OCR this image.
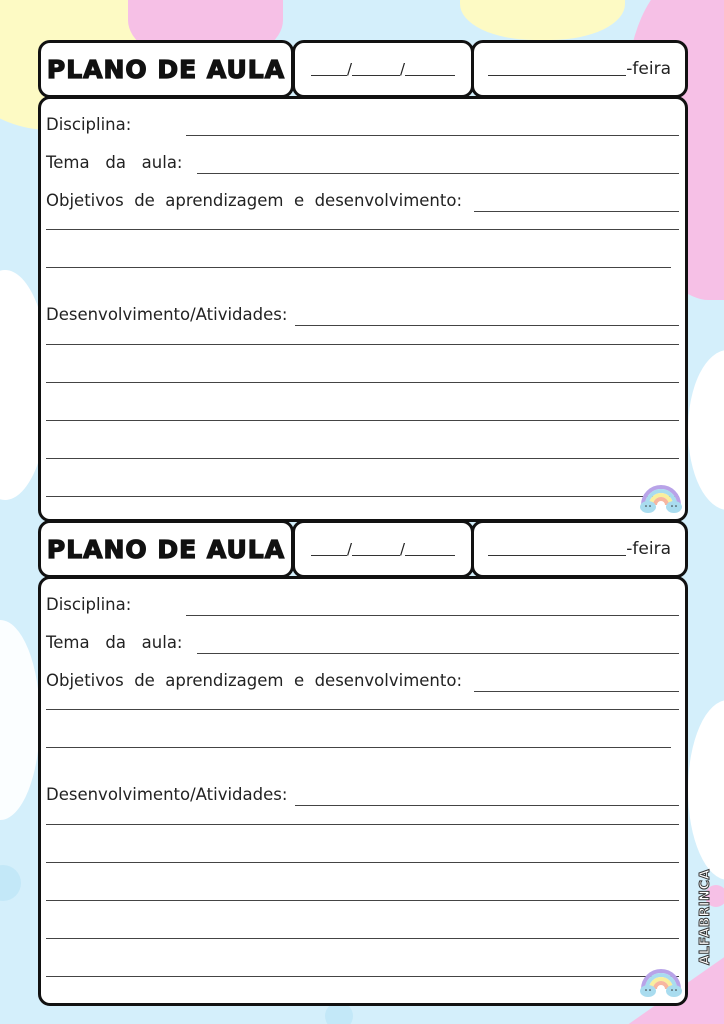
PLANO DE AULA	/	/	-feira
Disciplina:
Tema   da   aula:
Objetivos  de  aprendizagem  e  desenvolvimento:
Desenvolvimento/Atividades:
PLANO DE AULA	/	/	-feira
Disciplina:
Tema   da   aula:
Objetivos  de  aprendizagem  e  desenvolvimento:
Desenvolvimento/Atividades:
ALFABRINCA
